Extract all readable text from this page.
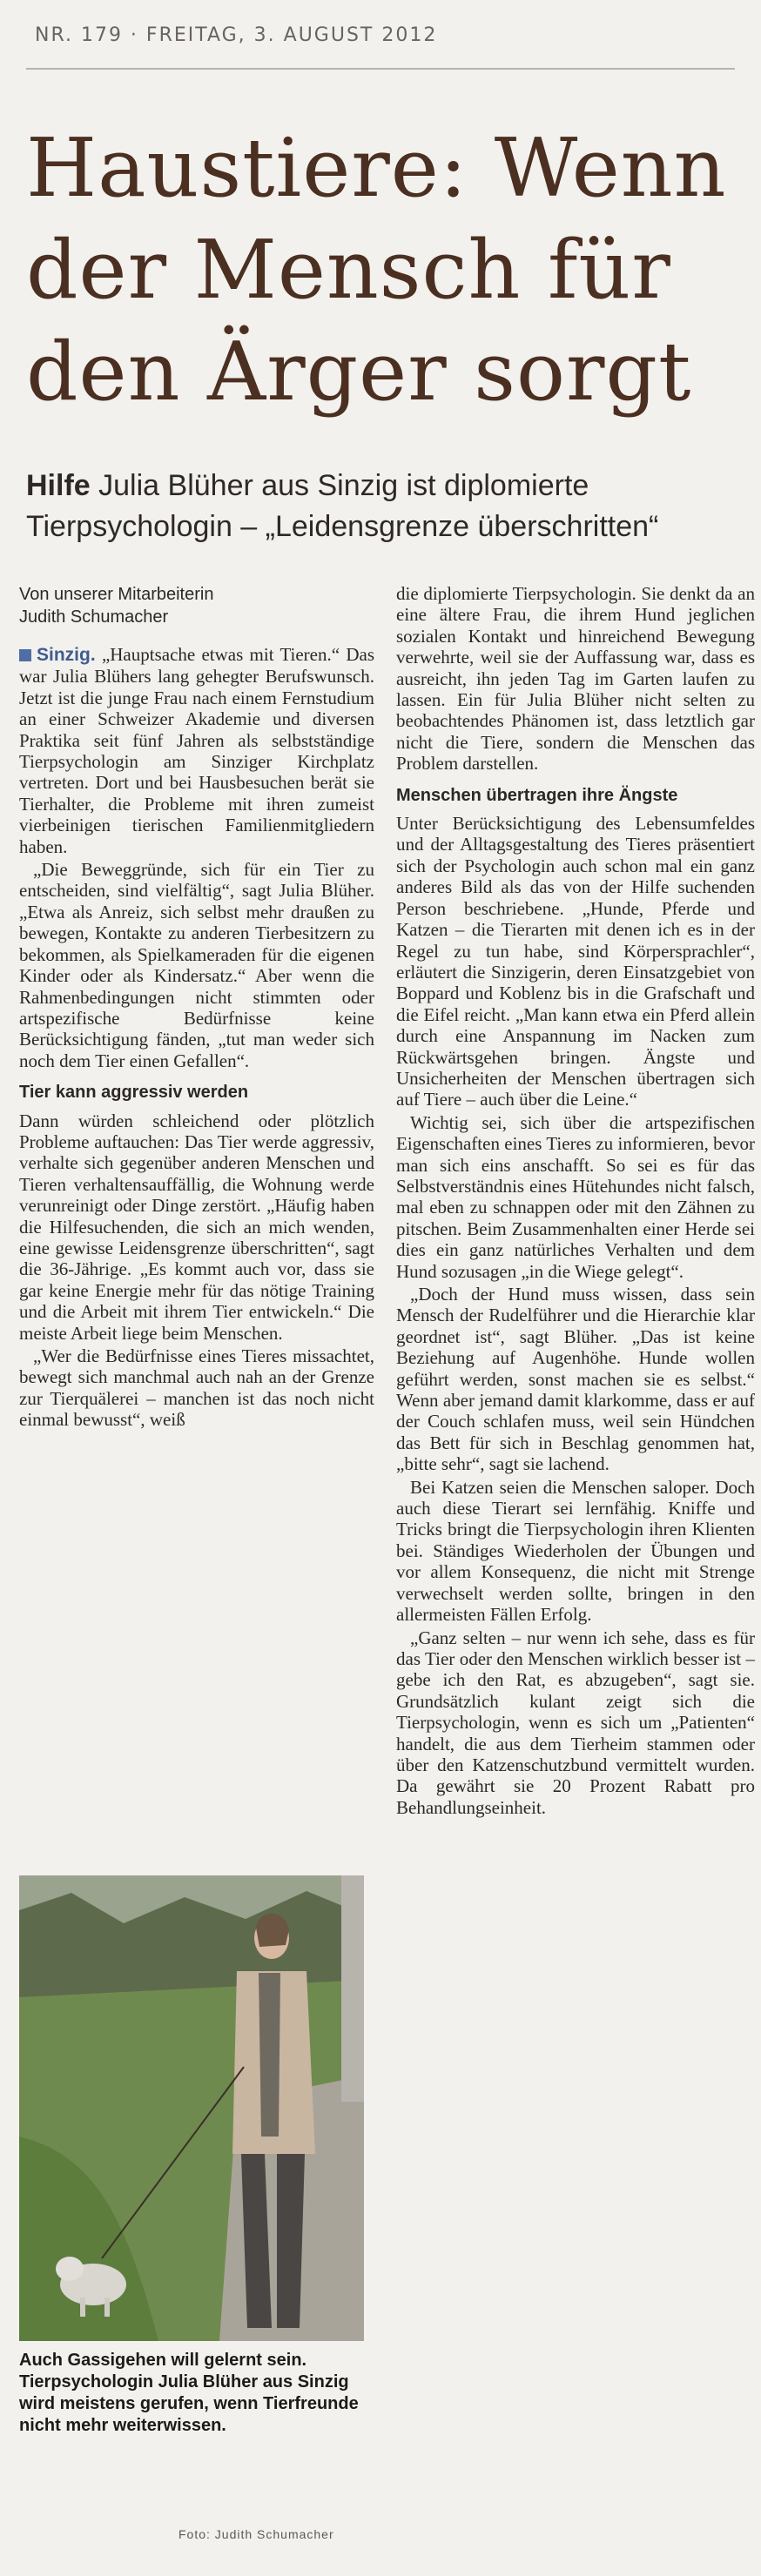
NR. 179 · FREITAG, 3. AUGUST 2012
Haustiere: Wenn der Mensch für den Ärger sorgt
Hilfe Julia Blüher aus Sinzig ist diplomierte Tierpsychologin – „Leidensgrenze überschritten“
Von unserer Mitarbeiterin
Judith Schumacher
Sinzig. „Hauptsache etwas mit Tieren.“ Das war Julia Blühers lang gehegter Berufswunsch. Jetzt ist die junge Frau nach einem Fernstudium an einer Schweizer Akademie und diversen Praktika seit fünf Jahren als selbstständige Tierpsychologin am Sinziger Kirchplatz vertreten. Dort und bei Hausbesuchen berät sie Tierhalter, die Probleme mit ihren zumeist vierbeinigen tierischen Familienmitgliedern haben.
„Die Beweggründe, sich für ein Tier zu entscheiden, sind vielfältig“, sagt Julia Blüher. „Etwa als Anreiz, sich selbst mehr draußen zu bewegen, Kontakte zu anderen Tierbesitzern zu bekommen, als Spielkameraden für die eigenen Kinder oder als Kindersatz.“ Aber wenn die Rahmenbedingungen nicht stimmten oder artspezifische Bedürfnisse keine Berücksichtigung fänden, „tut man weder sich noch dem Tier einen Gefallen“.
Tier kann aggressiv werden
Dann würden schleichend oder plötzlich Probleme auftauchen: Das Tier werde aggressiv, verhalte sich gegenüber anderen Menschen und Tieren verhaltensauffällig, die Wohnung werde verunreinigt oder Dinge zerstört. „Häufig haben die Hilfesuchenden, die sich an mich wenden, eine gewisse Leidensgrenze überschritten“, sagt die 36-Jährige. „Es kommt auch vor, dass sie gar keine Energie mehr für das nötige Training und die Arbeit mit ihrem Tier entwickeln.“ Die meiste Arbeit liege beim Menschen.
„Wer die Bedürfnisse eines Tieres missachtet, bewegt sich manchmal auch nah an der Grenze zur Tierquälerei – manchen ist das noch nicht einmal bewusst“, weiß
Auch Gassigehen will gelernt sein. Tierpsychologin Julia Blüher aus Sinzig wird meistens gerufen, wenn Tierfreunde nicht mehr weiterwissen.
Foto: Judith Schumacher
die diplomierte Tierpsychologin. Sie denkt da an eine ältere Frau, die ihrem Hund jeglichen sozialen Kontakt und hinreichend Bewegung verwehrte, weil sie der Auffassung war, dass es ausreicht, ihn jeden Tag im Garten laufen zu lassen. Ein für Julia Blüher nicht selten zu beobachtendes Phänomen ist, dass letztlich gar nicht die Tiere, sondern die Menschen das Problem darstellen.
Menschen übertragen ihre Ängste
Unter Berücksichtigung des Lebensumfeldes und der Alltagsgestaltung des Tieres präsentiert sich der Psychologin auch schon mal ein ganz anderes Bild als das von der Hilfe suchenden Person beschriebene. „Hunde, Pferde und Katzen – die Tierarten mit denen ich es in der Regel zu tun habe, sind Körpersprachler“, erläutert die Sinzigerin, deren Einsatzgebiet von Boppard und Koblenz bis in die Grafschaft und die Eifel reicht. „Man kann etwa ein Pferd allein durch eine Anspannung im Nacken zum Rückwärtsgehen bringen. Ängste und Unsicherheiten der Menschen übertragen sich auf Tiere – auch über die Leine.“
Wichtig sei, sich über die artspezifischen Eigenschaften eines Tieres zu informieren, bevor man sich eins anschafft. So sei es für das Selbstverständnis eines Hütehundes nicht falsch, mal eben zu schnappen oder mit den Zähnen zu pitschen. Beim Zusammenhalten einer Herde sei dies ein ganz natürliches Verhalten und dem Hund sozusagen „in die Wiege gelegt“.
„Doch der Hund muss wissen, dass sein Mensch der Rudelführer und die Hierarchie klar geordnet ist“, sagt Blüher. „Das ist keine Beziehung auf Augenhöhe. Hunde wollen geführt werden, sonst machen sie es selbst.“ Wenn aber jemand damit klarkomme, dass er auf der Couch schlafen muss, weil sein Hündchen das Bett für sich in Beschlag genommen hat, „bitte sehr“, sagt sie lachend.
Bei Katzen seien die Menschen saloper. Doch auch diese Tierart sei lernfähig. Kniffe und Tricks bringt die Tierpsychologin ihren Klienten bei. Ständiges Wiederholen der Übungen und vor allem Konsequenz, die nicht mit Strenge verwechselt werden sollte, bringen in den allermeisten Fällen Erfolg.
„Ganz selten – nur wenn ich sehe, dass es für das Tier oder den Menschen wirklich besser ist – gebe ich den Rat, es abzugeben“, sagt sie. Grundsätzlich kulant zeigt sich die Tierpsychologin, wenn es sich um „Patienten“ handelt, die aus dem Tierheim stammen oder über den Katzenschutzbund vermittelt wurden. Da gewährt sie 20 Prozent Rabatt pro Behandlungseinheit.
